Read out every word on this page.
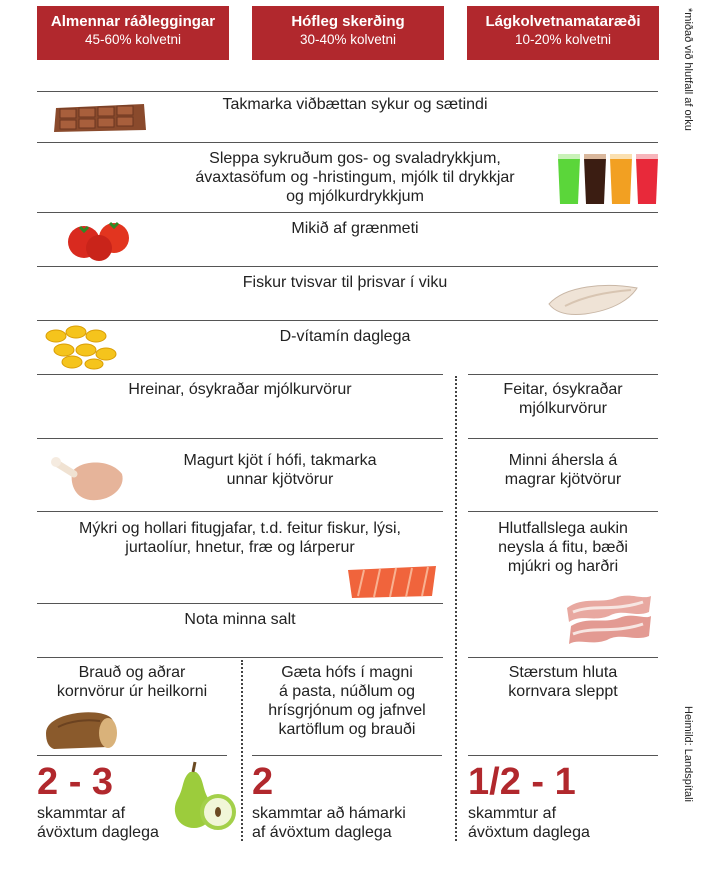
Almennar ráðleggingar
45-60% kolvetni
Hófleg skerðing
30-40% kolvetni
Lágkolvetnamataræði
10-20% kolvetni	*miðað við hlutfall af orku
Heimild: Landspítali
Takmarka viðbættan sykur og sætindi
Sleppa sykruðum gos- og svaladrykkjum,
ávaxtasöfum og -hristingum, mjólk til drykkjar
og mjólkurdrykkjum
Mikið af grænmeti
Fiskur tvisvar til þrisvar í viku
D-vítamín daglega
Hreinar, ósykraðar mjólkurvörur	Feitar, ósykraðar
mjólkurvörur
Magurt kjöt í hófi, takmarka
unnar kjötvörur
Minni áhersla á
magrar kjötvörur
Mýkri og hollari fitugjafar, t.d. feitur fiskur, lýsi,
jurtaolíur, hnetur, fræ og lárperur
Hlutfallslega aukin
neysla á fitu, bæði
mjúkri og harðri
Nota minna salt
Brauð og aðrar
kornvörur úr heilkorni
Gæta hófs í magni
á pasta, núðlum og
hrísgrjónum og jafnvel
kartöflum og brauði
Stærstum hluta
kornvara sleppt
2 - 3
skammtar af
ávöxtum daglega
2
skammtar að hámarki
af ávöxtum daglega
1/2 - 1
skammtur af
ávöxtum daglega
